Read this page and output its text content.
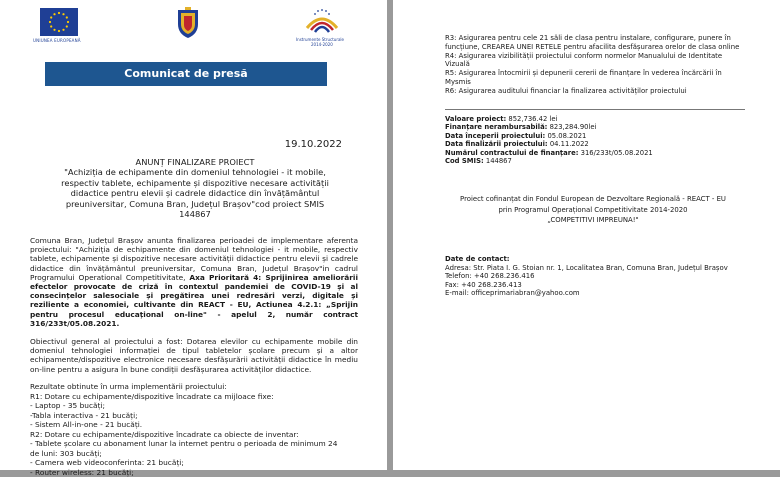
UNIUNEA EUROPEANĂ	Instrumente Structurale
2014-2020
Comunicat de presă
19.10.2022
ANUNȚ FINALIZARE PROIECT
"Achiziția de echipamente din domeniul tehnologiei - it mobile,
respectiv tablete, echipamente și dispozitive necesare activității
didactice pentru elevii și cadrele didactice din învățământul
preuniversitar, Comuna Bran, Județul Brașov"cod proiect SMIS
144867
Comuna Bran, Județul Brașov anunta finalizarea perioadei de implementare aferenta proiectului: "Achiziția de echipamente din domeniul tehnologiei - it mobile, respectiv tablete, echipamente și dispozitive necesare activității didactice pentru elevii și cadrele didactice din învățământul preuniversitar, Comuna Bran, Județul Brașov"in cadrul Programului Operational Competitivitate, Axa Prioritară 4: Sprijinirea ameliorării efectelor provocate de criză în contextul pandemiei de COVID-19 și al consecințelor salesociale și pregătirea unei redresări verzi, digitale și reziliente a economiei, cultivante din REACT - EU, Actiunea 4.2.1: „Sprijin pentru procesul educațional on-line" - apelul 2, număr contract 316/233t/05.08.2021.
Obiectivul general al proiectului a fost: Dotarea elevilor cu echipamente mobile din domeniul tehnologiei informației de tipul tabletelor școlare precum și a altor echipamente/dispozitive electronice necesare desfășurării activității didactice în mediu on-line pentru a asigura în bune condiții desfășurarea activităților didactice.
Rezultate obtinute în urma implementării proiectului:
R1: Dotare cu echipamente/dispozitive încadrate ca mijloace fixe:
- Laptop - 35 bucăți;
-Tabla interactiva - 21 bucăți;
- Sistem All-in-one - 21 bucăți.
R2: Dotare cu echipamente/dispozitive încadrate ca obiecte de inventar:
- Tablete școlare cu abonament lunar la internet pentru o perioada de minimum 24
de luni: 303 bucăți;
- Camera web videoconferinta: 21 bucăți;
- Router wireless: 21 bucăți;
R3: Asigurarea pentru cele 21 săli de clasa pentru instalare, configurare, punere în funcțiune, CREAREA UNEI RETELE pentru afacilita desfășurarea orelor de clasa online
R4: Asigurarea vizibilității proiectului conform normelor Manualului de Identitate Vizuală
R5: Asigurarea întocmirii și depunerii cererii de finanțare în vederea încărcării în Mysmis
R6: Asigurarea auditului financiar la finalizarea activităților proiectului
Valoare proiect: 852,736.42 lei
Finanțare nerambursabilă: 823,284.90lei
Data începerii proiectului: 05.08.2021
Data finalizării proiectului: 04.11.2022
Numărul contractului de finanțare: 316/233t/05.08.2021
Cod SMIS: 144867
Proiect cofinanțat din Fondul European de Dezvoltare Regională - REACT - EU
prin Programul Operațional Competitivitate 2014-2020
„COMPETITIVI IMPREUNA!"
Date de contact:
Adresa: Str. Piata I. G. Stoian nr. 1, Localitatea Bran, Comuna Bran, Județul Brașov
Telefon: +40 268.236.416
Fax: +40 268.236.413
E-mail: officeprimariabran@yahoo.com
